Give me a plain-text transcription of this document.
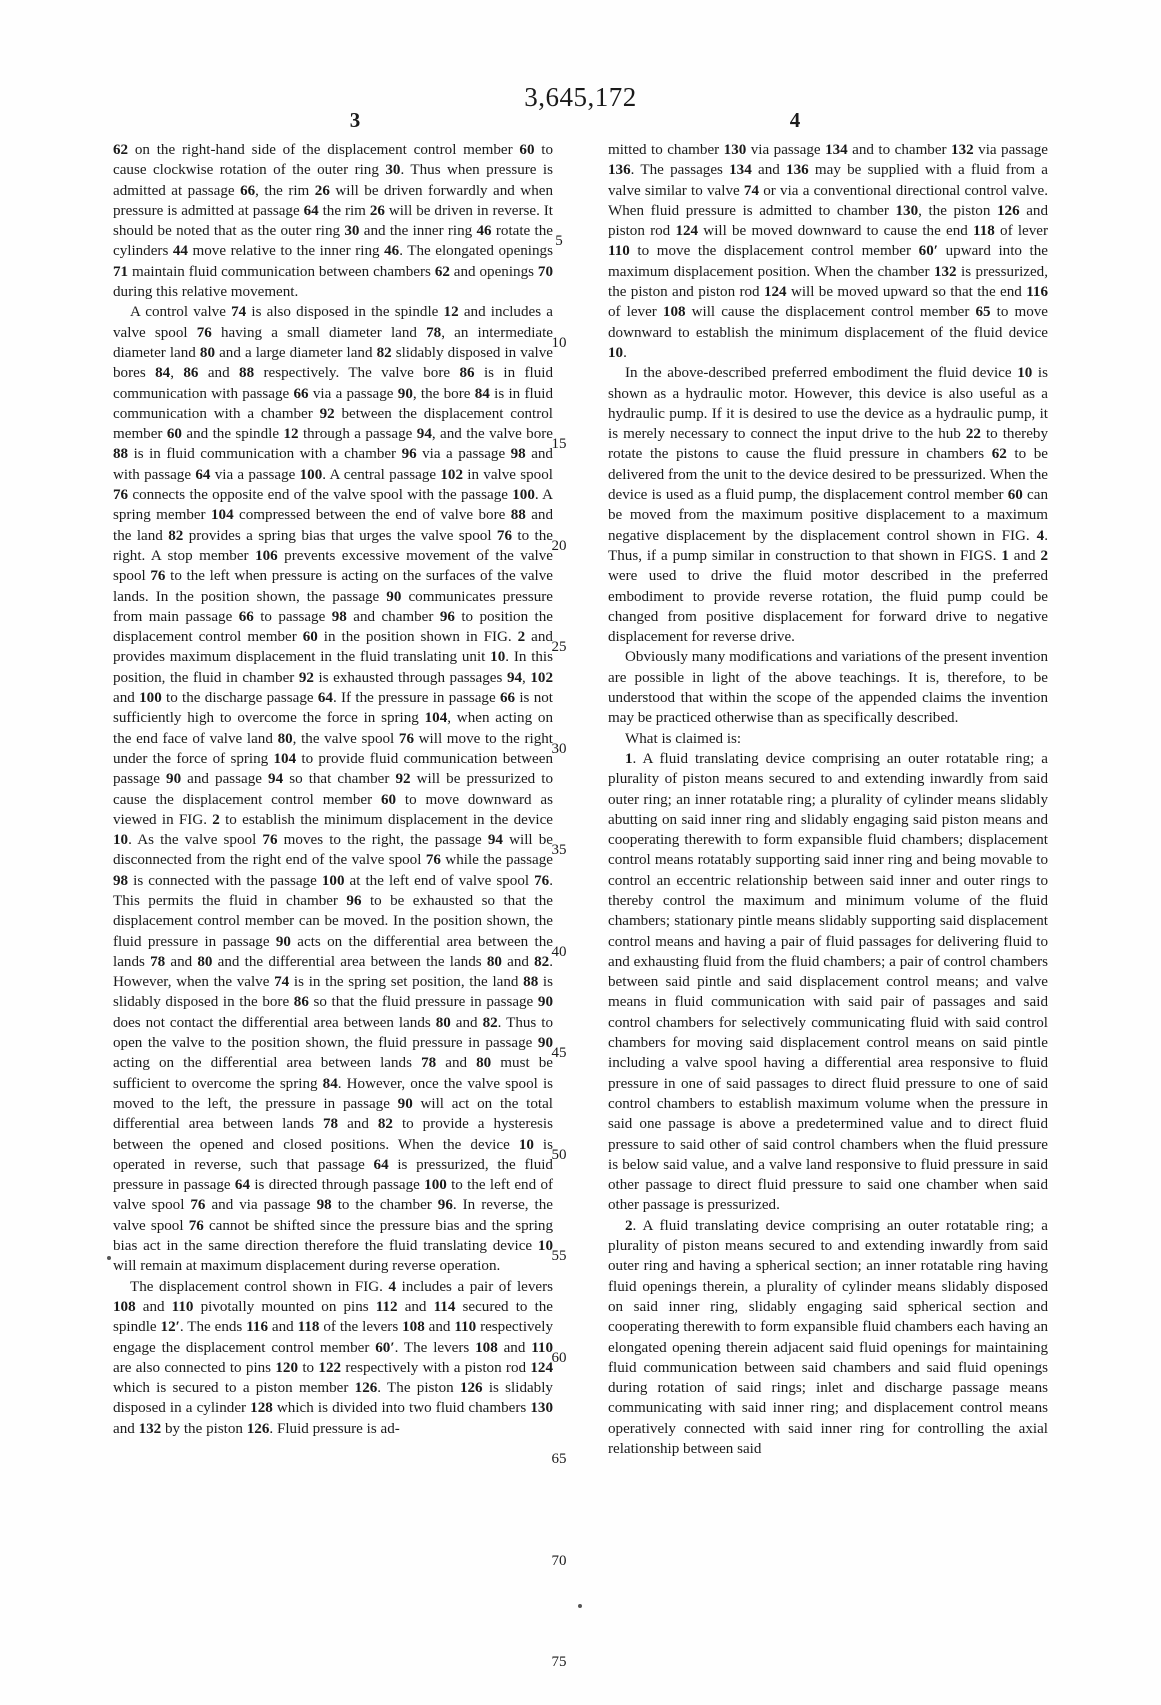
3,645,172
3	4
5
10
15
20
25
30
35
40
45
50
55
60
65
70
75

62 on the right-hand side of the displacement control member 60 to cause clockwise rotation of the outer ring 30. Thus when pressure is admitted at passage 66, the rim 26 will be driven forwardly and when pressure is admitted at passage 64 the rim 26 will be driven in reverse. It should be noted that as the outer ring 30 and the inner ring 46 rotate the cylinders 44 move relative to the inner ring 46. The elongated openings 71 maintain fluid communication between chambers 62 and openings 70 during this relative movement.

A control valve 74 is also disposed in the spindle 12 and includes a valve spool 76 having a small diameter land 78, an intermediate diameter land 80 and a large diameter land 82 slidably disposed in valve bores 84, 86 and 88 respectively. The valve bore 86 is in fluid communication with passage 66 via a passage 90, the bore 84 is in fluid communication with a chamber 92 between the displacement control member 60 and the spindle 12 through a passage 94, and the valve bore 88 is in fluid communication with a chamber 96 via a passage 98 and with passage 64 via a passage 100. A central passage 102 in valve spool 76 connects the opposite end of the valve spool with the passage 100. A spring member 104 compressed between the end of valve bore 88 and the land 82 provides a spring bias that urges the valve spool 76 to the right. A stop member 106 prevents excessive movement of the valve spool 76 to the left when pressure is acting on the surfaces of the valve lands. In the position shown, the passage 90 communicates pressure from main passage 66 to passage 98 and chamber 96 to position the displacement control member 60 in the position shown in FIG. 2 and provides maximum displacement in the fluid translating unit 10. In this position, the fluid in chamber 92 is exhausted through passages 94, 102 and 100 to the discharge passage 64. If the pressure in passage 66 is not sufficiently high to overcome the force in spring 104, when acting on the end face of valve land 80, the valve spool 76 will move to the right under the force of spring 104 to provide fluid communication between passage 90 and passage 94 so that chamber 92 will be pressurized to cause the displacement control member 60 to move downward as viewed in FIG. 2 to establish the minimum displacement in the device 10. As the valve spool 76 moves to the right, the passage 94 will be disconnected from the right end of the valve spool 76 while the passage 98 is connected with the passage 100 at the left end of valve spool 76. This permits the fluid in chamber 96 to be exhausted so that the displacement control member can be moved. In the position shown, the fluid pressure in passage 90 acts on the differential area between the lands 78 and 80 and the differential area between the lands 80 and 82. However, when the valve 74 is in the spring set position, the land 88 is slidably disposed in the bore 86 so that the fluid pressure in passage 90 does not contact the differential area between lands 80 and 82. Thus to open the valve to the position shown, the fluid pressure in passage 90 acting on the differential area between lands 78 and 80 must be sufficient to overcome the spring 84. However, once the valve spool is moved to the left, the pressure in passage 90 will act on the total differential area between lands 78 and 82 to provide a hysteresis between the opened and closed positions. When the device 10 is operated in reverse, such that passage 64 is pressurized, the fluid pressure in passage 64 is directed through passage 100 to the left end of valve spool 76 and via passage 98 to the chamber 96. In reverse, the valve spool 76 cannot be shifted since the pressure bias and the spring bias act in the same direction therefore the fluid translating device 10 will remain at maximum displacement during reverse operation.

The displacement control shown in FIG. 4 includes a pair of levers 108 and 110 pivotally mounted on pins 112 and 114 secured to the spindle 12′. The ends 116 and 118 of the levers 108 and 110 respectively engage the displacement control member 60′. The levers 108 and 110 are also connected to pins 120 to 122 respectively with a piston rod 124 which is secured to a piston member 126. The piston 126 is slidably disposed in a cylinder 128 which is divided into two fluid chambers 130 and 132 by the piston 126. Fluid pressure is ad-

mitted to chamber 130 via passage 134 and to chamber 132 via passage 136. The passages 134 and 136 may be supplied with a fluid from a valve similar to valve 74 or via a conventional directional control valve. When fluid pressure is admitted to chamber 130, the piston 126 and piston rod 124 will be moved downward to cause the end 118 of lever 110 to move the displacement control member 60′ upward into the maximum displacement position. When the chamber 132 is pressurized, the piston and piston rod 124 will be moved upward so that the end 116 of lever 108 will cause the displacement control member 65 to move downward to establish the minimum displacement of the fluid device 10.

In the above-described preferred embodiment the fluid device 10 is shown as a hydraulic motor. However, this device is also useful as a hydraulic pump. If it is desired to use the device as a hydraulic pump, it is merely necessary to connect the input drive to the hub 22 to thereby rotate the pistons to cause the fluid pressure in chambers 62 to be delivered from the unit to the device desired to be pressurized. When the device is used as a fluid pump, the displacement control member 60 can be moved from the maximum positive displacement to a maximum negative displacement by the displacement control shown in FIG. 4. Thus, if a pump similar in construction to that shown in FIGS. 1 and 2 were used to drive the fluid motor described in the preferred embodiment to provide reverse rotation, the fluid pump could be changed from positive displacement for forward drive to negative displacement for reverse drive.

Obviously many modifications and variations of the present invention are possible in light of the above teachings. It is, therefore, to be understood that within the scope of the appended claims the invention may be practiced otherwise than as specifically described.

What is claimed is:

1. A fluid translating device comprising an outer rotatable ring; a plurality of piston means secured to and extending inwardly from said outer ring; an inner rotatable ring; a plurality of cylinder means slidably abutting on said inner ring and slidably engaging said piston means and cooperating therewith to form expansible fluid chambers; displacement control means rotatably supporting said inner ring and being movable to control an eccentric relationship between said inner and outer rings to thereby control the maximum and minimum volume of the fluid chambers; stationary pintle means slidably supporting said displacement control means and having a pair of fluid passages for delivering fluid to and exhausting fluid from the fluid chambers; a pair of control chambers between said pintle and said displacement control means; and valve means in fluid communication with said pair of passages and said control chambers for selectively communicating fluid with said control chambers for moving said displacement control means on said pintle including a valve spool having a differential area responsive to fluid pressure in one of said passages to direct fluid pressure to one of said control chambers to establish maximum volume when the pressure in said one passage is above a predetermined value and to direct fluid pressure to said other of said control chambers when the fluid pressure is below said value, and a valve land responsive to fluid pressure in said other passage to direct fluid pressure to said one chamber when said other passage is pressurized.

2. A fluid translating device comprising an outer rotatable ring; a plurality of piston means secured to and extending inwardly from said outer ring and having a spherical section; an inner rotatable ring having fluid openings therein, a plurality of cylinder means slidably disposed on said inner ring, slidably engaging said spherical section and cooperating therewith to form expansible fluid chambers each having an elongated opening therein adjacent said fluid openings for maintaining fluid communication between said chambers and said fluid openings during rotation of said rings; inlet and discharge passage means communicating with said inner ring; and displacement control means operatively connected with said inner ring for controlling the axial relationship between said
